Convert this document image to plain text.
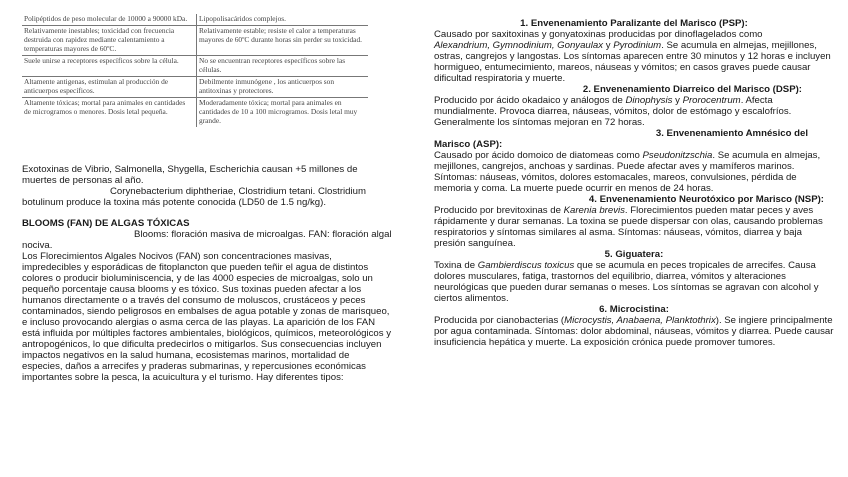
Polipéptidos de peso molecular de 10000 a 90000 kDa.	Lipopolisacáridos complejos.
Relativamente inestables; toxicidad con frecuencia destruida con rapidez mediante calentamiento a temperaturas mayores de 60ºC.	Relativamente estable; resiste el calor a temperaturas mayores de 60ºC durante horas sin perder su toxicidad.
Suele unirse a receptores específicos sobre la célula.	No se encuentran receptores específicos sobre las células.
Altamente antigenas, estimulan al producción de anticuerpos específicos.	Debilmente inmunógene , los anticuerpos son antitoxinas y protectores.
Altamente tóxicas; mortal para animales en cantidades de microgramos o menores. Dosis letal pequeña.	Moderadamente tóxica; mortal para animales en cantidades de 10 a 100 microgramos. Dosis letal muy grande.

Exotoxinas de Vibrio, Salmonella, Shygella, Escherichia causan +5 millones de muertes de personas al año.

Corynebacterium diphtheriae, Clostridium tetani. Clostridium botulinum produce la toxina más potente conocida (LD50 de 1.5 ng/kg).

BLOOMS (FAN) DE ALGAS TÓXICAS

Blooms: floración masiva de microalgas. FAN: floración algal nociva.

Los Florecimientos Algales Nocivos (FAN) son concentraciones masivas, impredecibles y esporádicas de fitoplancton que pueden teñir el agua de distintos colores o producir bioluminiscencia, y de las 4000 especies de microalgas, solo un pequeño porcentaje causa blooms y es tóxico. Sus toxinas pueden afectar a los humanos directamente o a través del consumo de moluscos, crustáceos y peces contaminados, siendo peligrosos en embalses de agua potable y zonas de marisqueo, e incluso provocando alergias o asma cerca de las playas. La aparición de los FAN está influida por múltiples factores ambientales, biológicos, químicos, meteorológicos y antropogénicos, lo que dificulta predecirlos o mitigarlos. Sus consecuencias incluyen impactos negativos en la salud humana, ecosistemas marinos, mortalidad de especies, daños a arrecifes y praderas submarinas, y repercusiones económicas importantes sobre la pesca, la acuicultura y el turismo. Hay diferentes tipos:

1. Envenenamiento Paralizante del Marisco (PSP):

Causado por saxitoxinas y gonyatoxinas producidas por dinoflagelados como
Alexandrium, Gymnodinium, Gonyaulax y Pyrodinium. Se acumula en almejas, mejillones, ostras, cangrejos y langostas. Los síntomas aparecen entre 30 minutos y 12 horas e incluyen hormigueo, entumecimiento, mareos, náuseas y vómitos; en casos graves puede causar dificultad respiratoria y muerte.

2. Envenenamiento Diarreico del Marisco (DSP):

Producido por ácido okadaico y análogos de Dinophysis y Prorocentrum. Afecta mundialmente. Provoca diarrea, náuseas, vómitos, dolor de estómago y escalofríos. Generalmente los síntomas mejoran en 72 horas.

3. Envenenamiento Amnésico del

Marisco (ASP):

Causado por ácido domoico de diatomeas como Pseudonitzschia. Se acumula en almejas, mejillones, cangrejos, anchoas y sardinas. Puede afectar aves y mamíferos marinos. Síntomas: náuseas, vómitos, dolores estomacales, mareos, convulsiones, pérdida de memoria y coma. La muerte puede ocurrir en menos de 24 horas.

4. Envenenamiento Neurotóxico por Marisco (NSP):

Producido por brevitoxinas de Karenia brevis. Florecimientos pueden matar peces y aves rápidamente y durar semanas. La toxina se puede dispersar con olas, causando problemas respiratorios y síntomas similares al asma. Síntomas: náuseas, vómitos, diarrea y baja presión sanguínea.

5. Giguatera:

Toxina de Gambierdiscus toxicus que se acumula en peces tropicales de arrecifes. Causa dolores musculares, fatiga, trastornos del equilibrio, diarrea, vómitos y alteraciones neurológicas que pueden durar semanas o meses. Los síntomas se agravan con alcohol y ciertos alimentos.

6. Microcistina:

Producida por cianobacterias (Microcystis, Anabaena, Planktothrix). Se ingiere principalmente por agua contaminada. Síntomas: dolor abdominal, náuseas, vómitos y diarrea. Puede causar insuficiencia hepática y muerte. La exposición crónica puede promover tumores.
